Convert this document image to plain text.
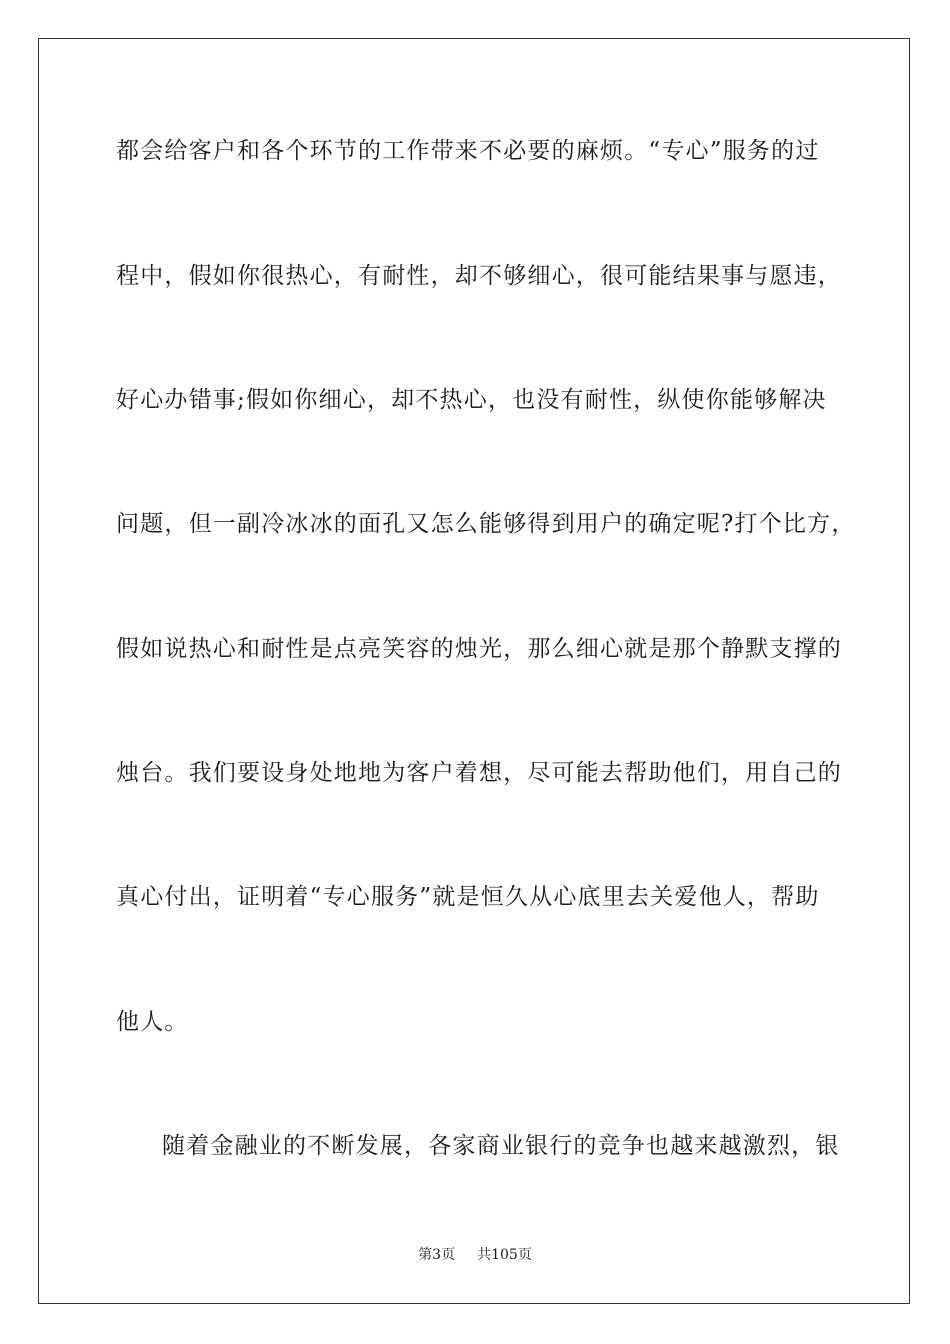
都会给客户和各个环节的工作带来不必要的麻烦。“专心”服务的过
程中，假如你很热心，有耐性，却不够细心，很可能结果事与愿违，
好心办错事;假如你细心，却不热心，也没有耐性，纵使你能够解决
问题，但一副冷冰冰的面孔又怎么能够得到用户的确定呢?打个比方，
假如说热心和耐性是点亮笑容的烛光，那么细心就是那个静默支撑的
烛台。我们要设身处地地为客户着想，尽可能去帮助他们，用自己的
真心付出，证明着“专心服务”就是恒久从心底里去关爱他人，帮助
他人。
随着金融业的不断发展，各家商业银行的竞争也越来越激烈，银
第3页 共105页
